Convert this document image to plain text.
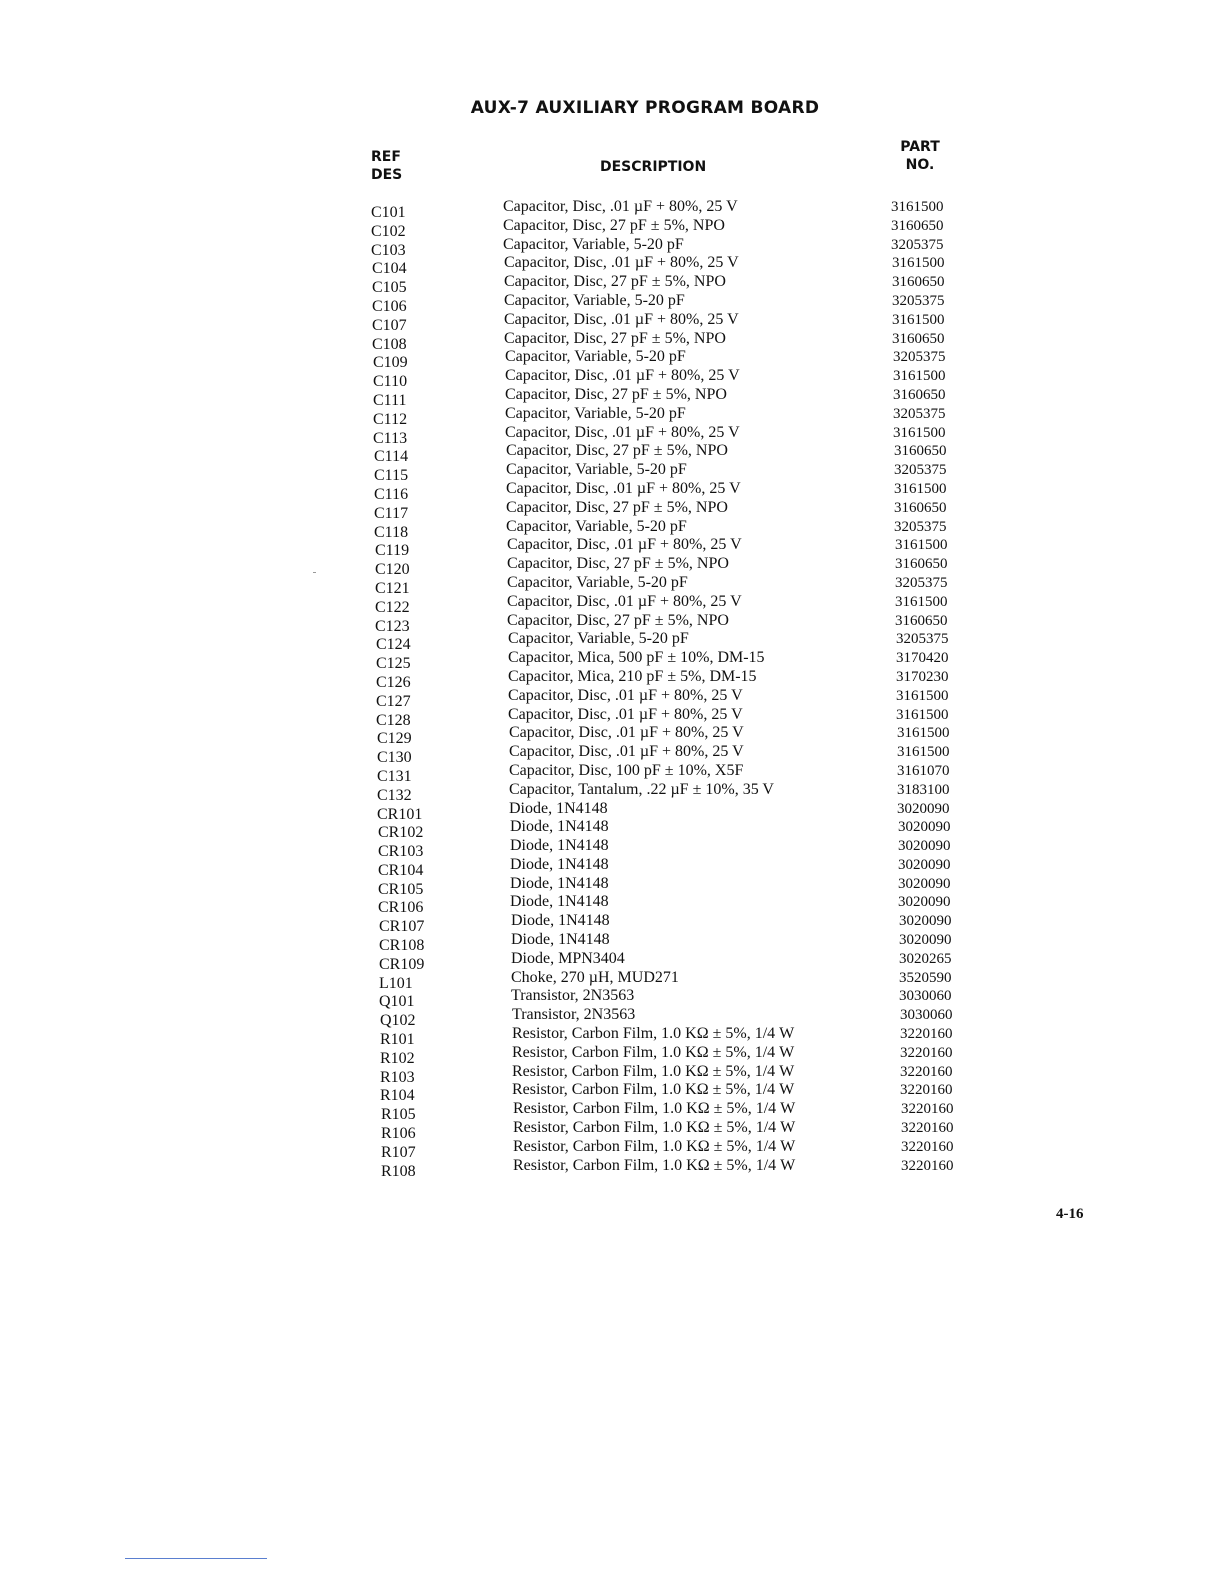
AUX-7 AUXILIARY PROGRAM BOARD
REF
DES	DESCRIPTION
PART
NO.
C101	Capacitor, Disc, .01 µF + 80%, 25 V	3161500
C102	Capacitor, Disc, 27 pF ± 5%, NPO	3160650
C103	Capacitor, Variable, 5-20 pF	3205375
C104	Capacitor, Disc, .01 µF + 80%, 25 V	3161500
C105	Capacitor, Disc, 27 pF ± 5%, NPO	3160650
C106	Capacitor, Variable, 5-20 pF	3205375
C107	Capacitor, Disc, .01 µF + 80%, 25 V	3161500
C108	Capacitor, Disc, 27 pF ± 5%, NPO	3160650
C109	Capacitor, Variable, 5-20 pF	3205375
C110	Capacitor, Disc, .01 µF + 80%, 25 V	3161500
C111	Capacitor, Disc, 27 pF ± 5%, NPO	3160650
C112	Capacitor, Variable, 5-20 pF	3205375
C113	Capacitor, Disc, .01 µF + 80%, 25 V	3161500
C114	Capacitor, Disc, 27 pF ± 5%, NPO	3160650
C115	Capacitor, Variable, 5-20 pF	3205375
C116	Capacitor, Disc, .01 µF + 80%, 25 V	3161500
C117	Capacitor, Disc, 27 pF ± 5%, NPO	3160650
C118	Capacitor, Variable, 5-20 pF	3205375
C119	Capacitor, Disc, .01 µF + 80%, 25 V	3161500
C120	Capacitor, Disc, 27 pF ± 5%, NPO	3160650
C121	Capacitor, Variable, 5-20 pF	3205375
C122	Capacitor, Disc, .01 µF + 80%, 25 V	3161500
C123	Capacitor, Disc, 27 pF ± 5%, NPO	3160650
C124	Capacitor, Variable, 5-20 pF	3205375
C125	Capacitor, Mica, 500 pF ± 10%, DM-15	3170420
C126	Capacitor, Mica, 210 pF ± 5%, DM-15	3170230
C127	Capacitor, Disc, .01 µF + 80%, 25 V	3161500
C128	Capacitor, Disc, .01 µF + 80%, 25 V	3161500
C129	Capacitor, Disc, .01 µF + 80%, 25 V	3161500
C130	Capacitor, Disc, .01 µF + 80%, 25 V	3161500
C131	Capacitor, Disc, 100 pF ± 10%, X5F	3161070
C132	Capacitor, Tantalum, .22 µF ± 10%, 35 V	3183100
CR101	Diode, 1N4148	3020090
CR102	Diode, 1N4148	3020090
CR103	Diode, 1N4148	3020090
CR104	Diode, 1N4148	3020090
CR105	Diode, 1N4148	3020090
CR106	Diode, 1N4148	3020090
CR107	Diode, 1N4148	3020090
CR108	Diode, 1N4148	3020090
CR109	Diode, MPN3404	3020265
L101	Choke, 270 µH, MUD271	3520590
Q101	Transistor, 2N3563	3030060
Q102	Transistor, 2N3563	3030060
R101	Resistor, Carbon Film, 1.0 KΩ ± 5%, 1/4 W	3220160
R102	Resistor, Carbon Film, 1.0 KΩ ± 5%, 1/4 W	3220160
R103	Resistor, Carbon Film, 1.0 KΩ ± 5%, 1/4 W	3220160
R104	Resistor, Carbon Film, 1.0 KΩ ± 5%, 1/4 W	3220160
R105	Resistor, Carbon Film, 1.0 KΩ ± 5%, 1/4 W	3220160
R106	Resistor, Carbon Film, 1.0 KΩ ± 5%, 1/4 W	3220160
R107	Resistor, Carbon Film, 1.0 KΩ ± 5%, 1/4 W	3220160
R108	Resistor, Carbon Film, 1.0 KΩ ± 5%, 1/4 W	3220160
4-16
